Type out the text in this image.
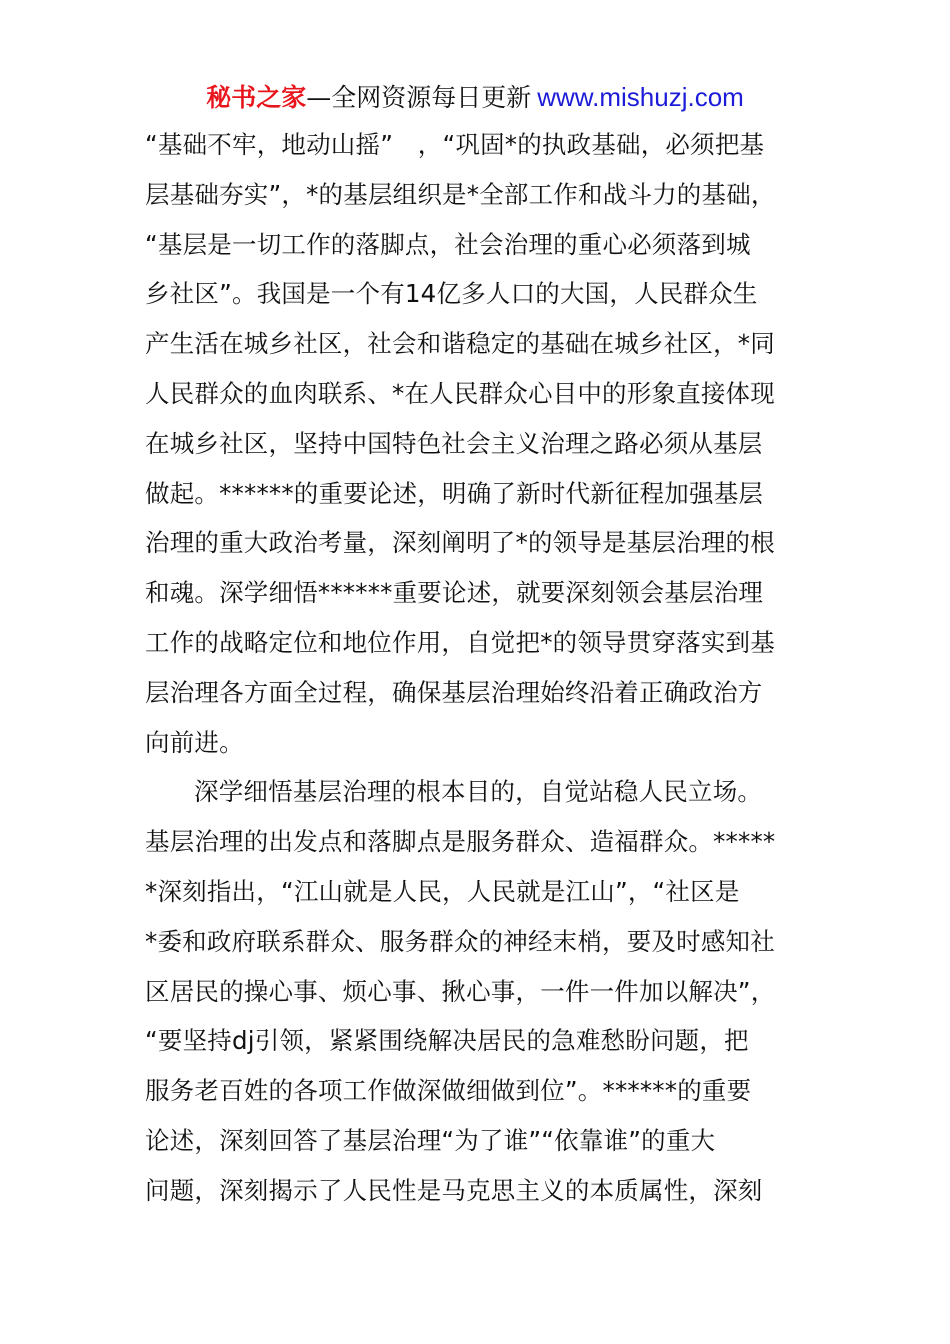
秘书之家—全网资源每日更新 www.mishuzj.com

“基础不牢，地动山摇”　，“巩固*的执政基础，必须把基
层基础夯实”，*的基层组织是*全部工作和战斗力的基础，
“基层是一切工作的落脚点，社会治理的重心必须落到城
乡社区”。我国是一个有14亿多人口的大国，人民群众生
产生活在城乡社区，社会和谐稳定的基础在城乡社区，*同
人民群众的血肉联系、*在人民群众心目中的形象直接体现
在城乡社区，坚持中国特色社会主义治理之路必须从基层
做起。******的重要论述，明确了新时代新征程加强基层
治理的重大政治考量，深刻阐明了*的领导是基层治理的根
和魂。深学细悟******重要论述，就要深刻领会基层治理
工作的战略定位和地位作用，自觉把*的领导贯穿落实到基
层治理各方面全过程，确保基层治理始终沿着正确政治方
向前进。

深学细悟基层治理的根本目的，自觉站稳人民立场。
基层治理的出发点和落脚点是服务群众、造福群众。*****
*深刻指出，“江山就是人民，人民就是江山”，“社区是
*委和政府联系群众、服务群众的神经末梢，要及时感知社
区居民的操心事、烦心事、揪心事，一件一件加以解决”，
“要坚持dj引领，紧紧围绕解决居民的急难愁盼问题，把
服务老百姓的各项工作做深做细做到位”。******的重要
论述，深刻回答了基层治理“为了谁”“依靠谁”的重大
问题，深刻揭示了人民性是马克思主义的本质属性，深刻
